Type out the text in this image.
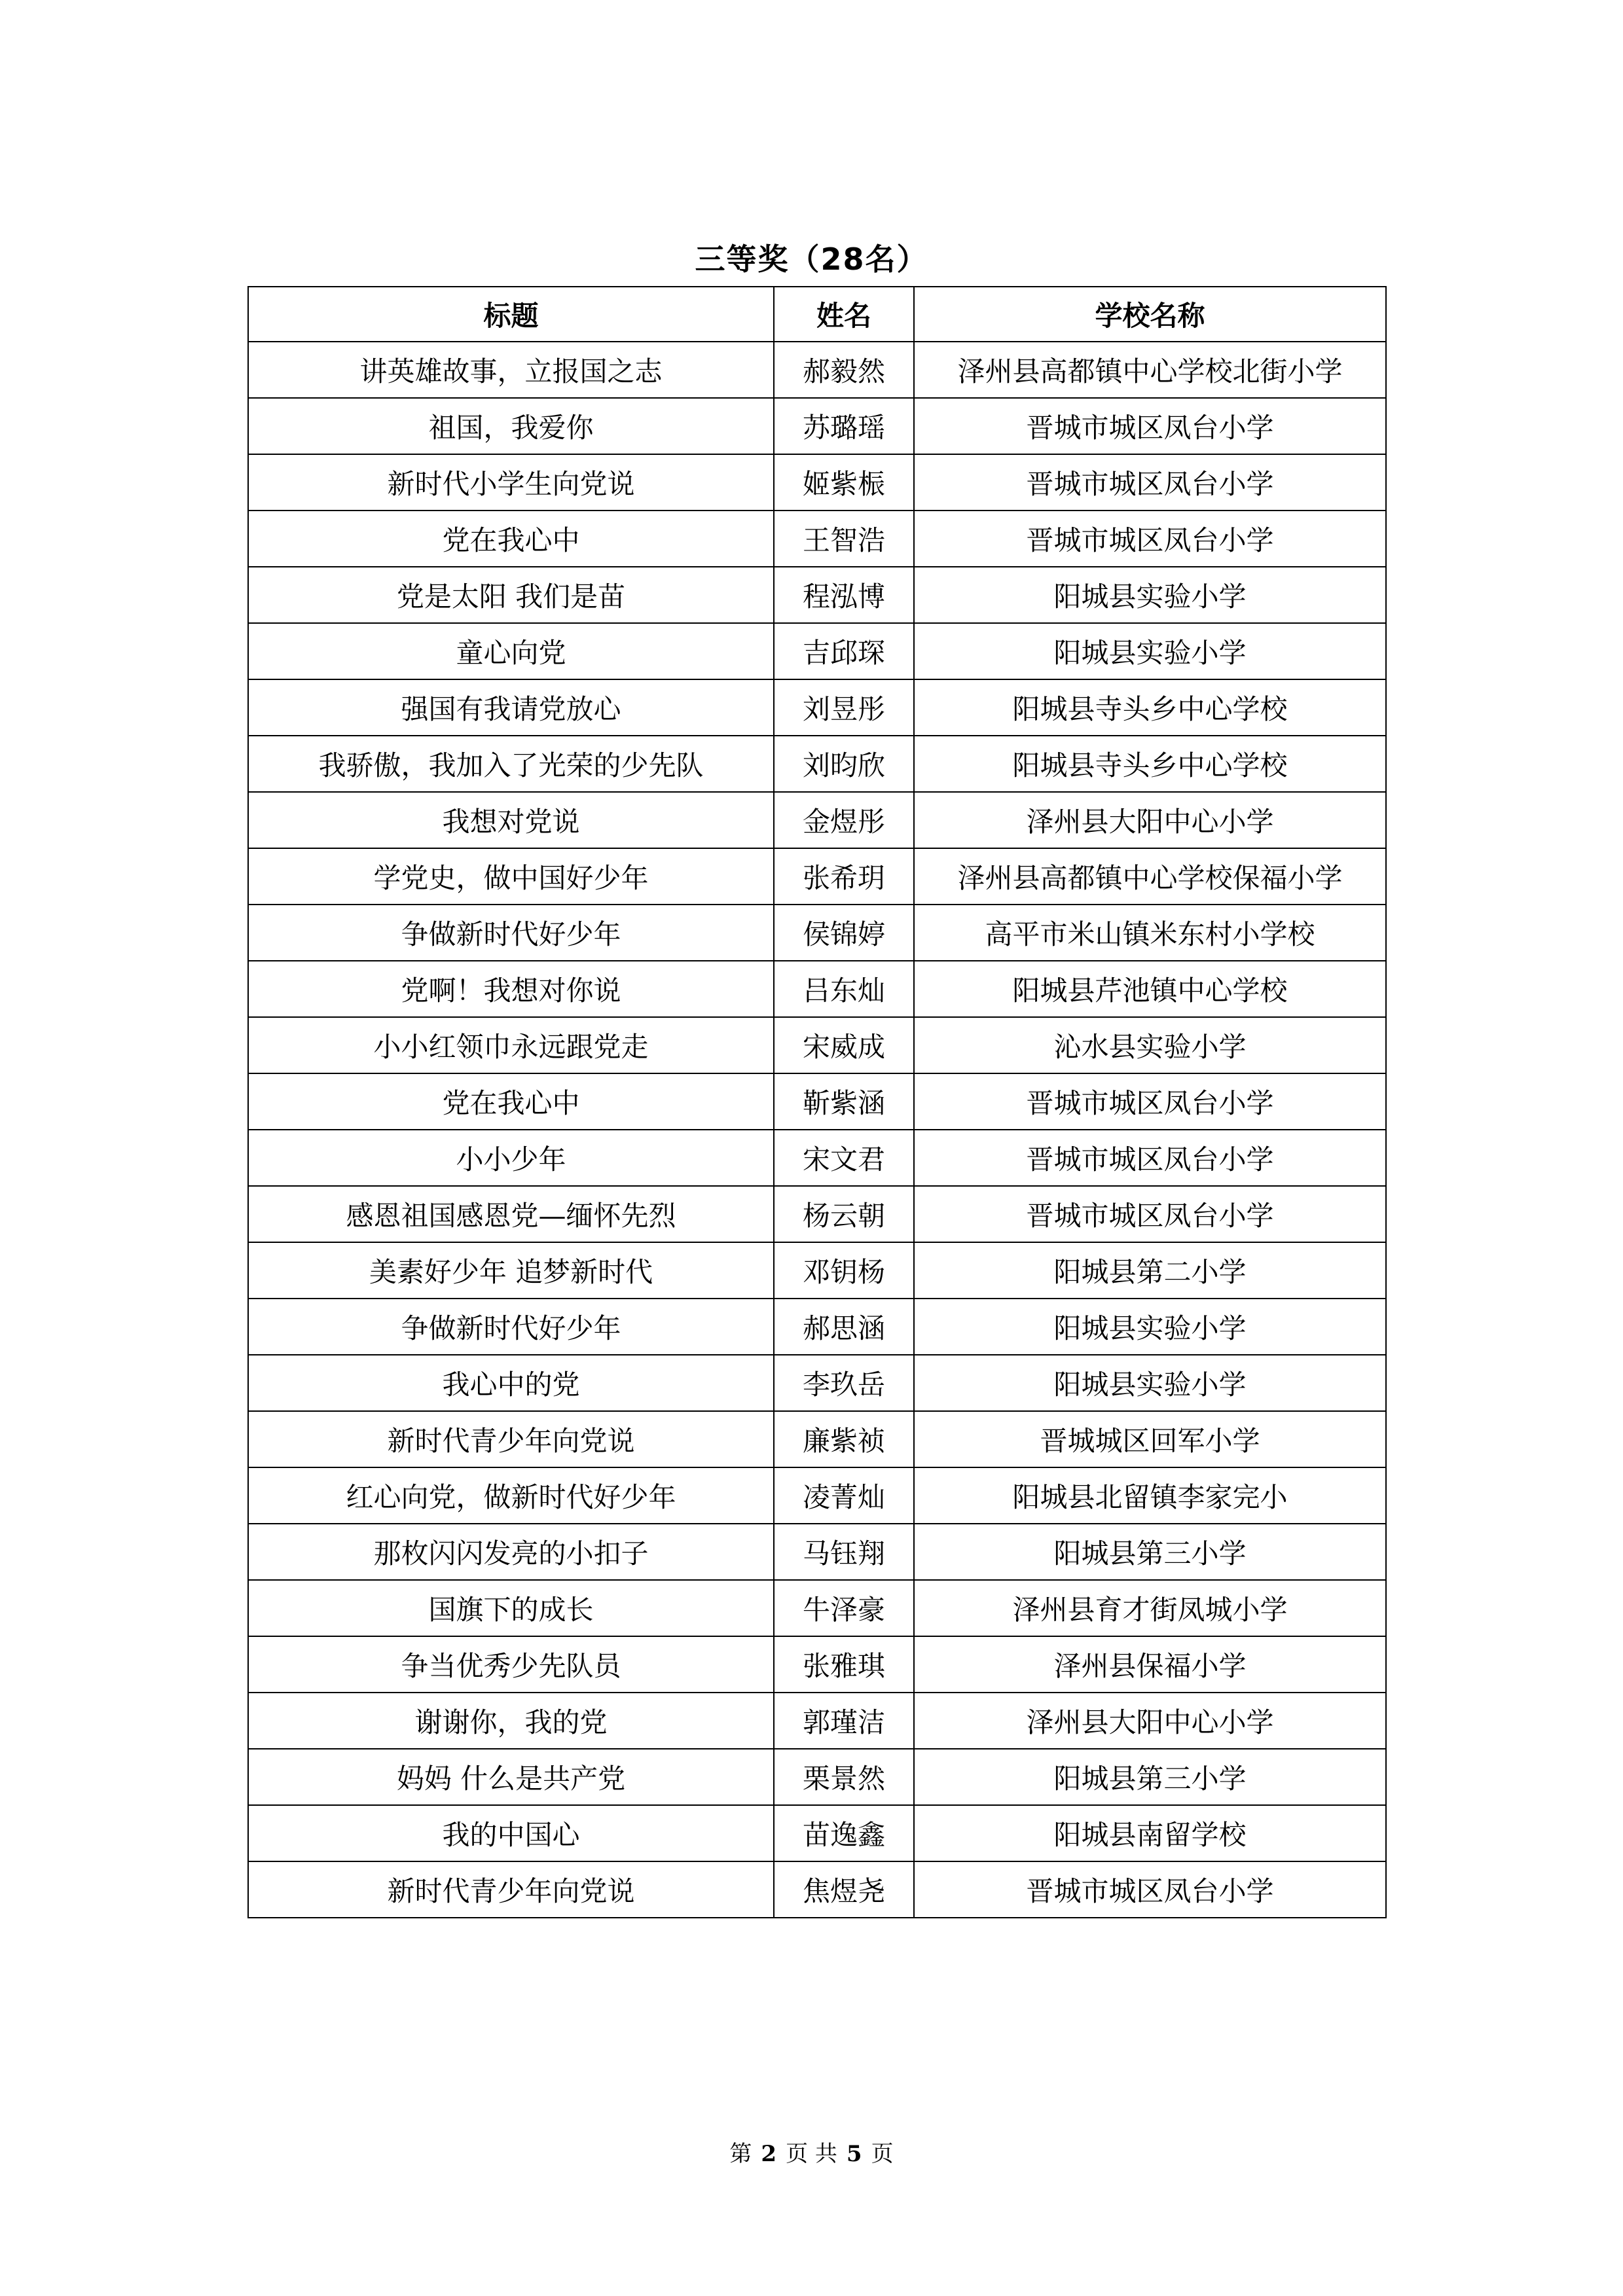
三等奖（28名）
标题	姓名	学校名称
讲英雄故事，立报国之志	郝毅然	泽州县高都镇中心学校北街小学
祖国，我爱你	苏璐瑶	晋城市城区凤台小学
新时代小学生向党说	姬紫桭	晋城市城区凤台小学
党在我心中	王智浩	晋城市城区凤台小学
党是太阳 我们是苗	程泓博	阳城县实验小学
童心向党	吉邱琛	阳城县实验小学
强国有我请党放心	刘昱彤	阳城县寺头乡中心学校
我骄傲，我加入了光荣的少先队	刘昀欣	阳城县寺头乡中心学校
我想对党说	金煜彤	泽州县大阳中心小学
学党史，做中国好少年	张希玥	泽州县高都镇中心学校保福小学
争做新时代好少年	侯锦婷	高平市米山镇米东村小学校
党啊！我想对你说	吕东灿	阳城县芹池镇中心学校
小小红领巾永远跟党走	宋威成	沁水县实验小学
党在我心中	靳紫涵	晋城市城区凤台小学
小小少年	宋文君	晋城市城区凤台小学
感恩祖国感恩党—缅怀先烈	杨云朝	晋城市城区凤台小学
美素好少年 追梦新时代	邓钥杨	阳城县第二小学
争做新时代好少年	郝思涵	阳城县实验小学
我心中的党	李玖岳	阳城县实验小学
新时代青少年向党说	廉紫祯	晋城城区回军小学
红心向党，做新时代好少年	凌菁灿	阳城县北留镇李家完小
那枚闪闪发亮的小扣子	马钰翔	阳城县第三小学
国旗下的成长	牛泽豪	泽州县育才街凤城小学
争当优秀少先队员	张雅琪	泽州县保福小学
谢谢你，我的党	郭瑾洁	泽州县大阳中心小学
妈妈 什么是共产党	栗景然	阳城县第三小学
我的中国心	苗逸鑫	阳城县南留学校
新时代青少年向党说	焦煜尧	晋城市城区凤台小学
第 2 页 共 5 页
